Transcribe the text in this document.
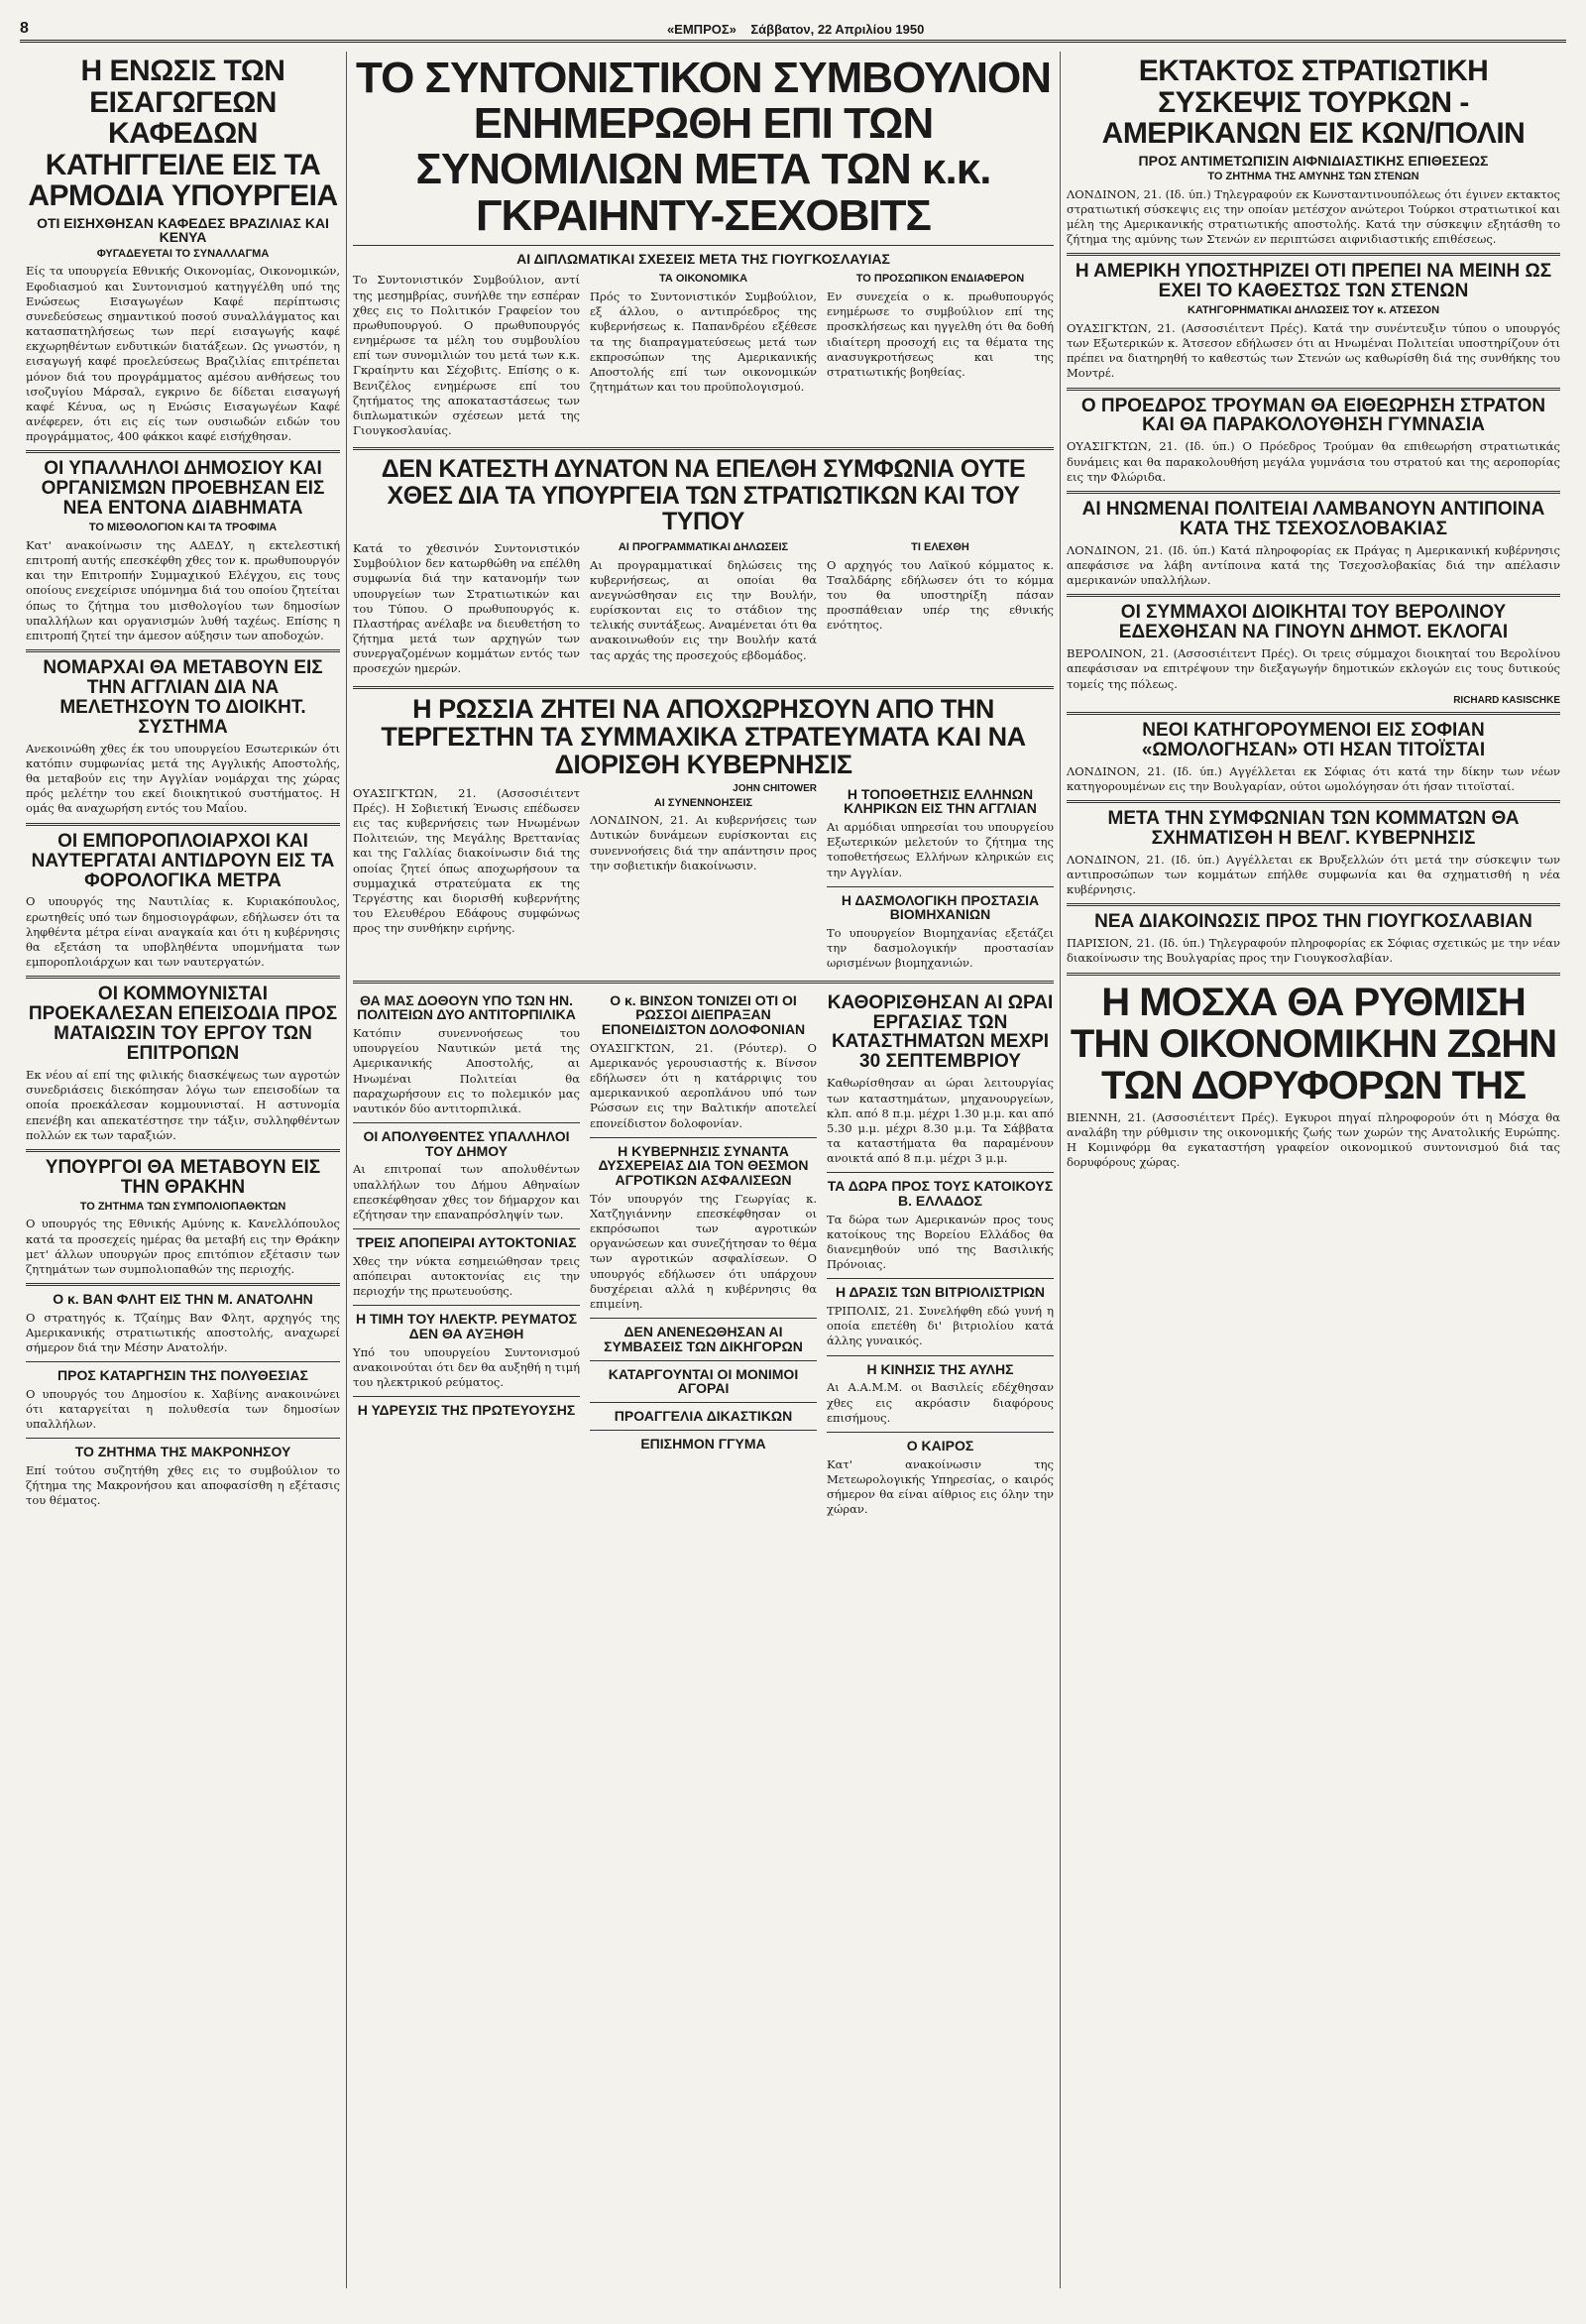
8	«ΕΜΠΡΟΣ» Σάββατον, 22 Απριλίου 1950

Η ΕΝΩΣΙΣ ΤΩΝ ΕΙΣΑΓΩΓΕΩΝ ΚΑΦΕΔΩΝ ΚΑΤΗΓΓΕΙΛΕ ΕΙΣ ΤΑ ΑΡΜΟΔΙΑ ΥΠΟΥΡΓΕΙΑ
ΟΤΙ ΕΙΣΗΧΘΗΣΑΝ ΚΑΦΕΔΕΣ ΒΡΑΖΙΛΙΑΣ ΚΑΙ ΚΕΝΥΑ
ΦΥΓΑΔΕΥΕΤΑΙ ΤΟ ΣΥΝΑΛΛΑΓΜΑ
Είς τα υπουργεία Εθνικής Οικονομίας, Οικονομικών, Εφοδιασμού και Συντονισμού κατηγγέλθη υπό της Ενώσεως Εισαγωγέων Καφέ περίπτωσις συνεδεύσεως σημαντικού ποσού συναλλάγματος και κατασπατηλήσεως των περί εισαγωγής καφέ εκχωρηθέντων ενδυτικών διατάξεων. Ως γνωστόν, η εισαγωγή καφέ προελεύσεως Βραζιλίας επιτρέπεται μόνον διά του προγράμματος αμέσου ανθήσεως του ισοζυγίου Μάρσαλ, εγκρινο δε δίδεται εισαγωγή καφέ Κένυα, ως η Ενώσις Εισαγωγέων Καφέ ανέφερεν, ότι εις είς των ουσιωδών ειδών του προγράμματος, 400 φάκκοι καφέ εισήχθησαν.
ΟΙ ΥΠΑΛΛΗΛΟΙ ΔΗΜΟΣΙΟΥ ΚΑΙ ΟΡΓΑΝΙΣΜΩΝ ΠΡΟΕΒΗΣΑΝ ΕΙΣ ΝΕΑ ΕΝΤΟΝΑ ΔΙΑΒΗΜΑΤΑ
ΤΟ ΜΙΣΘΟΛΟΓΙΟΝ ΚΑΙ ΤΑ ΤΡΟΦΙΜΑ
Κατ' ανακοίνωσιν της ΑΔΕΔΥ, η εκτελεστική επιτροπή αυτής επεσκέφθη χθες τον κ. πρωθυπουργόν και την Επιτροπήν Συμμαχικού Ελέγχου, εις τους οποίους ενεχείρισε υπόμνημα διά του οποίου ζητείται όπως το ζήτημα του μισθολογίου των δημοσίων υπαλλήλων και οργανισμών λυθή ταχέως. Επίσης η επιτροπή ζητεί την άμεσον αύξησιν των αποδοχών.
ΝΟΜΑΡΧΑΙ ΘΑ ΜΕΤΑΒΟΥΝ ΕΙΣ ΤΗΝ ΑΓΓΛΙΑΝ ΔΙΑ ΝΑ ΜΕΛΕΤΗΣΟΥΝ ΤΟ ΔΙΟΙΚΗΤ. ΣΥΣΤΗΜΑ
Ανεκοινώθη χθες έκ του υπουργείου Εσωτερικών ότι κατόπιν συμφωνίας μετά της Αγγλικής Αποστολής, θα μεταβούν εις την Αγγλίαν νομάρχαι της χώρας πρός μελέτην του εκεί διοικητικού συστήματος. Η ομάς θα αναχωρήση εντός του Μαΐου.
ΟΙ ΕΜΠΟΡΟΠΛΟΙΑΡΧΟΙ ΚΑΙ ΝΑΥΤΕΡΓΑΤΑΙ ΑΝΤΙΔΡΟΥΝ ΕΙΣ ΤΑ ΦΟΡΟΛΟΓΙΚΑ ΜΕΤΡΑ
Ο υπουργός της Ναυτιλίας κ. Κυριακόπουλος, ερωτηθείς υπό των δημοσιογράφων, εδήλωσεν ότι τα ληφθέντα μέτρα είναι αναγκαία και ότι η κυβέρνησις θα εξετάση τα υποβληθέντα υπομνήματα των εμποροπλοιάρχων και των ναυτεργατών.
ΟΙ ΚΟΜΜΟΥΝΙΣΤΑΙ ΠΡΟΕΚΑΛΕΣΑΝ ΕΠΕΙΣΟΔΙΑ ΠΡΟΣ ΜΑΤΑΙΩΣΙΝ ΤΟΥ ΕΡΓΟΥ ΤΩΝ ΕΠΙΤΡΟΠΩΝ
Εκ νέου αί επί της φιλικής διασκέψεως των αγροτών συνεδριάσεις διεκόπησαν λόγω των επεισοδίων τα οποία προεκάλεσαν κομμουνισταί. Η αστυνομία επενέβη και απεκατέστησε την τάξιν, συλληφθέντων πολλών εκ των ταραξιών.
ΥΠΟΥΡΓΟΙ ΘΑ ΜΕΤΑΒΟΥΝ ΕΙΣ ΤΗΝ ΘΡΑΚΗΝ
ΤΟ ΖΗΤΗΜΑ ΤΩΝ ΣΥΜΠΟΛΙΟΠΑΘΚΤΩΝ
Ο υπουργός της Εθνικής Αμύνης κ. Κανελλόπουλος κατά τα προσεχείς ημέρας θα μεταβή εις την Θράκην μετ' άλλων υπουργών προς επιτόπιον εξέτασιν των ζητημάτων των συμπολιοπαθών της περιοχής.
Ο κ. ΒΑΝ ΦΛΗΤ ΕΙΣ ΤΗΝ Μ. ΑΝΑΤΟΛΗΝ
Ο στρατηγός κ. Τζαίημς Βαν Φλητ, αρχηγός της Αμερικανικής στρατιωτικής αποστολής, αναχωρεί σήμερον διά την Μέσην Ανατολήν.
ΠΡΟΣ ΚΑΤΑΡΓΗΣΙΝ ΤΗΣ ΠΟΛΥΘΕΣΙΑΣ
Ο υπουργός του Δημοσίου κ. Χαβίνης ανακοινώνει ότι καταργείται η πολυθεσία των δημοσίων υπαλλήλων.
ΤΟ ΖΗΤΗΜΑ ΤΗΣ ΜΑΚΡΟΝΗΣΟΥ
Επί τούτου συζητήθη χθες εις το συμβούλιον το ζήτημα της Μακρονήσου και αποφασίσθη η εξέτασις του θέματος.
ΤΟ ΣΥΝΤΟΝΙΣΤΙΚΟΝ ΣΥΜΒΟΥΛΙΟΝ ΕΝΗΜΕΡΩΘΗ ΕΠΙ ΤΩΝ ΣΥΝΟΜΙΛΙΩΝ ΜΕΤΑ ΤΩΝ κ.κ. ΓΚΡΑΙΗΝΤΥ-ΣΕΧΟΒΙΤΣ
ΑΙ ΔΙΠΛΩΜΑΤΙΚΑΙ ΣΧΕΣΕΙΣ ΜΕΤΑ ΤΗΣ ΓΙΟΥΓΚΟΣΛΑΥΙΑΣ
Το Συντονιστικόν Συμβούλιον, αντί της μεσημβρίας, συνήλθε την εσπέραν χθες εις το Πολιτικόν Γραφείον του πρωθυπουργού. Ο πρωθυπουργός ενημέρωσε τα μέλη του συμβουλίου επί των συνομιλιών του μετά των κ.κ. Γκραίηντυ και Σέχοβιτς. Επίσης ο κ. Βενιζέλος ενημέρωσε επί του ζητήματος της αποκαταστάσεως των διπλωματικών σχέσεων μετά της Γιουγκοσλαυίας.
ΤΑ ΟΙΚΟΝΟΜΙΚΑ
Πρός το Συντονιστικόν Συμβούλιον, εξ άλλου, ο αντιπρόεδρος της κυβερνήσεως κ. Παπανδρέου εξέθεσε τα της διαπραγματεύσεως μετά των εκπροσώπων της Αμερικανικής Αποστολής επί των οικονομικών ζητημάτων και του προϋπολογισμού.
ΤΟ ΠΡΟΣΩΠΙΚΟΝ ΕΝΔΙΑΦΕΡΟΝ
Εν συνεχεία ο κ. πρωθυπουργός ενημέρωσε το συμβούλιον επί της προσκλήσεως και ηγγελθη ότι θα δοθή ιδιαίτερη προσοχή εις τα θέματα της ανασυγκροτήσεως και της στρατιωτικής βοηθείας.
ΔΕΝ ΚΑΤΕΣΤΗ ΔΥΝΑΤΟΝ ΝΑ ΕΠΕΛΘΗ ΣΥΜΦΩΝΙΑ ΟΥΤΕ ΧΘΕΣ ΔΙΑ ΤΑ ΥΠΟΥΡΓΕΙΑ ΤΩΝ ΣΤΡΑΤΙΩΤΙΚΩΝ ΚΑΙ ΤΟΥ ΤΥΠΟΥ
Κατά το χθεσινόν Συντονιστικόν Συμβούλιον δεν κατωρθώθη να επέλθη συμφωνία διά την κατανομήν των υπουργείων των Στρατιωτικών και του Τύπου. Ο πρωθυπουργός κ. Πλαστήρας ανέλαβε να διευθετήση το ζήτημα μετά των αρχηγών των συνεργαζομένων κομμάτων εντός των προσεχών ημερών.
ΑΙ ΠΡΟΓΡΑΜΜΑΤΙΚΑΙ ΔΗΛΩΣΕΙΣ
Αι προγραμματικαί δηλώσεις της κυβερνήσεως, αι οποίαι θα ανεγνώσθησαν εις την Βουλήν, ευρίσκονται εις το στάδιον της τελικής συντάξεως. Αναμένεται ότι θα ανακοινωθούν εις την Βουλήν κατά τας αρχάς της προσεχούς εβδομάδος.
ΤΙ ΕΛΕΧΘΗ
Ο αρχηγός του Λαϊκού κόμματος κ. Τσαλδάρης εδήλωσεν ότι το κόμμα του θα υποστηρίξη πάσαν προσπάθειαν υπέρ της εθνικής ενότητος.
Η ΡΩΣΣΙΑ ΖΗΤΕΙ ΝΑ ΑΠΟΧΩΡΗΣΟΥΝ ΑΠΟ ΤΗΝ ΤΕΡΓΕΣΤΗΝ ΤΑ ΣΥΜΜΑΧΙΚΑ ΣΤΡΑΤΕΥΜΑΤΑ ΚΑΙ ΝΑ ΔΙΟΡΙΣΘΗ ΚΥΒΕΡΝΗΣΙΣ
ΟΥΑΣΙΓΚΤΩΝ, 21. (Ασσοσιέιτεντ Πρές). Η Σοβιετική Ένωσις επέδωσεν εις τας κυβερνήσεις των Ηνωμένων Πολιτειών, της Μεγάλης Βρεττανίας και της Γαλλίας διακοίνωσιν διά της οποίας ζητεί όπως αποχωρήσουν τα συμμαχικά στρατεύματα εκ της Τεργέστης και διορισθή κυβερνήτης του Ελευθέρου Εδάφους συμφώνως προς την συνθήκην ειρήνης.
JOHN CHITOWER
ΑΙ ΣΥΝΕΝΝΟΗΣΕΙΣ
ΛΟΝΔΙΝΟΝ, 21. Αι κυβερνήσεις των Δυτικών δυνάμεων ευρίσκονται εις συνεννοήσεις διά την απάντησιν προς την σοβιετικήν διακοίνωσιν.
Η ΤΟΠΟΘΕΤΗΣΙΣ ΕΛΛΗΝΩΝ ΚΛΗΡΙΚΩΝ ΕΙΣ ΤΗΝ ΑΓΓΛΙΑΝ
Αι αρμόδιαι υπηρεσίαι του υπουργείου Εξωτερικών μελετούν το ζήτημα της τοποθετήσεως Ελλήνων κληρικών εις την Αγγλίαν.
Η ΔΑΣΜΟΛΟΓΙΚΗ ΠΡΟΣΤΑΣΙΑ ΒΙΟΜΗΧΑΝΙΩΝ
Το υπουργείον Βιομηχανίας εξετάζει την δασμολογικήν προστασίαν ωρισμένων βιομηχανιών.
ΘΑ ΜΑΣ ΔΟΘΟΥΝ ΥΠΟ ΤΩΝ ΗΝ. ΠΟΛΙΤΕΙΩΝ ΔΥΟ ΑΝΤΙΤΟΡΠΙΛΙΚΑ
Κατόπιν συνεννοήσεως του υπουργείου Ναυτικών μετά της Αμερικανικής Αποστολής, αι Ηνωμέναι Πολιτείαι θα παραχωρήσουν εις το πολεμικόν μας ναυτικόν δύο αντιτορπιλικά.
ΟΙ ΑΠΟΛΥΘΕΝΤΕΣ ΥΠΑΛΛΗΛΟΙ ΤΟΥ ΔΗΜΟΥ
Αι επιτροπαί των απολυθέντων υπαλλήλων του Δήμου Αθηναίων επεσκέφθησαν χθες τον δήμαρχον και εζήτησαν την επαναπρόσληψίν των.
ΤΡΕΙΣ ΑΠΟΠΕΙΡΑΙ ΑΥΤΟΚΤΟΝΙΑΣ
Χθες την νύκτα εσημειώθησαν τρεις απόπειραι αυτοκτονίας εις την περιοχήν της πρωτευούσης.
Η ΤΙΜΗ ΤΟΥ ΗΛΕΚΤΡ. ΡΕΥΜΑΤΟΣ ΔΕΝ ΘΑ ΑΥΞΗΘΗ
Υπό του υπουργείου Συντονισμού ανακοινούται ότι δεν θα αυξηθή η τιμή του ηλεκτρικού ρεύματος.
Η ΥΔΡΕΥΣΙΣ ΤΗΣ ΠΡΩΤΕΥΟΥΣΗΣ
Ο κ. ΒΙΝΣΟΝ ΤΟΝΙΖΕΙ ΟΤΙ ΟΙ ΡΩΣΣΟΙ ΔΙΕΠΡΑΞΑΝ ΕΠΟΝΕΙΔΙΣΤΟΝ ΔΟΛΟΦΟΝΙΑΝ
ΟΥΑΣΙΓΚΤΩΝ, 21. (Ρόυτερ). Ο Αμερικανός γερουσιαστής κ. Βίνσον εδήλωσεν ότι η κατάρριψις του αμερικανικού αεροπλάνου υπό των Ρώσσων εις την Βαλτικήν αποτελεί επονείδιστον δολοφονίαν.
Η ΚΥΒΕΡΝΗΣΙΣ ΣΥΝΑΝΤΑ ΔΥΣΧΕΡΕΙΑΣ ΔΙΑ ΤΟΝ ΘΕΣΜΟΝ ΑΓΡΟΤΙΚΩΝ ΑΣΦΑΛΙΣΕΩΝ
Τόν υπουργόν της Γεωργίας κ. Χατζηγιάννην επεσκέφθησαν οι εκπρόσωποι των αγροτικών οργανώσεων και συνεζήτησαν το θέμα των αγροτικών ασφαλίσεων. Ο υπουργός εδήλωσεν ότι υπάρχουν δυσχέρειαι αλλά η κυβέρνησις θα επιμείνη.
ΔΕΝ ΑΝΕΝΕΩΘΗΣΑΝ ΑΙ ΣΥΜΒΑΣΕΙΣ ΤΩΝ ΔΙΚΗΓΟΡΩΝ
ΚΑΤΑΡΓΟΥΝΤΑΙ ΟΙ ΜΟΝΙΜΟΙ ΑΓΟΡΑΙ
ΠΡΟΑΓΓΕΛΙΑ ΔΙΚΑΣΤΙΚΩΝ
ΕΠΙΣΗΜΟΝ ΓΓΥΜΑ
ΚΑΘΟΡΙΣΘΗΣΑΝ ΑΙ ΩΡΑΙ ΕΡΓΑΣΙΑΣ ΤΩΝ ΚΑΤΑΣΤΗΜΑΤΩΝ ΜΕΧΡΙ 30 ΣΕΠΤΕΜΒΡΙΟΥ
Καθωρίσθησαν αι ώραι λειτουργίας των καταστημάτων, μηχανουργείων, κλπ. από 8 π.μ. μέχρι 1.30 μ.μ. και από 5.30 μ.μ. μέχρι 8.30 μ.μ. Τα Σάββατα τα καταστήματα θα παραμένουν ανοικτά από 8 π.μ. μέχρι 3 μ.μ.
ΤΑ ΔΩΡΑ ΠΡΟΣ ΤΟΥΣ ΚΑΤΟΙΚΟΥΣ Β. ΕΛΛΑΔΟΣ
Τα δώρα των Αμερικανών προς τους κατοίκους της Βορείου Ελλάδος θα διανεμηθούν υπό της Βασιλικής Πρόνοιας.
Η ΔΡΑΣΙΣ ΤΩΝ ΒΙΤΡΙΟΛΙΣΤΡΙΩΝ
ΤΡΙΠΟΛΙΣ, 21. Συνελήφθη εδώ γυνή η οποία επετέθη δι' βιτριολίου κατά άλλης γυναικός.
Η ΚΙΝΗΣΙΣ ΤΗΣ ΑΥΛΗΣ
Αι Α.Α.Μ.Μ. οι Βασιλείς εδέχθησαν χθες εις ακρόασιν διαφόρους επισήμους.
Ο ΚΑΙΡΟΣ
Κατ' ανακοίνωσιν της Μετεωρολογικής Υπηρεσίας, ο καιρός σήμερον θα είναι αίθριος εις όλην την χώραν.
ΕΚΤΑΚΤΟΣ ΣΤΡΑΤΙΩΤΙΚΗ ΣΥΣΚΕΨΙΣ ΤΟΥΡΚΩΝ - ΑΜΕΡΙΚΑΝΩΝ ΕΙΣ ΚΩΝ/ΠΟΛΙΝ
ΠΡΟΣ ΑΝΤΙΜΕΤΩΠΙΣΙΝ ΑΙΦΝΙΔΙΑΣΤΙΚΗΣ ΕΠΙΘΕΣΕΩΣ
ΤΟ ΖΗΤΗΜΑ ΤΗΣ ΑΜΥΝΗΣ ΤΩΝ ΣΤΕΝΩΝ
ΛΟΝΔΙΝΟΝ, 21. (Ιδ. ύπ.) Τηλεγραφούν εκ Κωνσταντινουπόλεως ότι έγινεν εκτακτος στρατιωτική σύσκεψις εις την οποίαν μετέσχον ανώτεροι Τούρκοι στρατιωτικοί και μέλη της Αμερικανικής στρατιωτικής αποστολής. Κατά την σύσκεψιν εξητάσθη το ζήτημα της αμύνης των Στενών εν περιπτώσει αιφνιδιαστικής επιθέσεως.
Η ΑΜΕΡΙΚΗ ΥΠΟΣΤΗΡΙΖΕΙ ΟΤΙ ΠΡΕΠΕΙ ΝΑ ΜΕΙΝΗ ΩΣ ΕΧΕΙ ΤΟ ΚΑΘΕΣΤΩΣ ΤΩΝ ΣΤΕΝΩΝ
ΚΑΤΗΓΟΡΗΜΑΤΙΚΑΙ ΔΗΛΩΣΕΙΣ ΤΟΥ κ. ΑΤΣΕΣΟΝ
ΟΥΑΣΙΓΚΤΩΝ, 21. (Ασσοσιέιτεντ Πρές). Κατά την συνέντευξιν τύπου ο υπουργός των Εξωτερικών κ. Άτσεσον εδήλωσεν ότι αι Ηνωμέναι Πολιτείαι υποστηρίζουν ότι πρέπει να διατηρηθή το καθεστώς των Στενών ως καθωρίσθη διά της συνθήκης του Μοντρέ.
Ο ΠΡΟΕΔΡΟΣ ΤΡΟΥΜΑΝ ΘΑ ΕΙΘΕΩΡΗΣΗ ΣΤΡΑΤΟΝ ΚΑΙ ΘΑ ΠΑΡΑΚΟΛΟΥΘΗΣΗ ΓΥΜΝΑΣΙΑ
ΟΥΑΣΙΓΚΤΩΝ, 21. (Ιδ. ύπ.) Ο Πρόεδρος Τρούμαν θα επιθεωρήση στρατιωτικάς δυνάμεις και θα παρακολουθήση μεγάλα γυμνάσια του στρατού και της αεροπορίας εις την Φλώριδα.
ΑΙ ΗΝΩΜΕΝΑΙ ΠΟΛΙΤΕΙΑΙ ΛΑΜΒΑΝΟΥΝ ΑΝΤΙΠΟΙΝΑ ΚΑΤΑ ΤΗΣ ΤΣΕΧΟΣΛΟΒΑΚΙΑΣ
ΛΟΝΔΙΝΟΝ, 21. (Ιδ. ύπ.) Κατά πληροφορίας εκ Πράγας η Αμερικανική κυβέρνησις απεφάσισε να λάβη αντίποινα κατά της Τσεχοσλοβακίας διά την απέλασιν αμερικανών υπαλλήλων.
ΟΙ ΣΥΜΜΑΧΟΙ ΔΙΟΙΚΗΤΑΙ ΤΟΥ ΒΕΡΟΛΙΝΟΥ ΕΔΕΧΘΗΣΑΝ ΝΑ ΓΙΝΟΥΝ ΔΗΜΟΤ. ΕΚΛΟΓΑΙ
ΒΕΡΟΛΙΝΟΝ, 21. (Ασσοσιέιτεντ Πρές). Οι τρεις σύμμαχοι διοικηταί του Βερολίνου απεφάσισαν να επιτρέψουν την διεξαγωγήν δημοτικών εκλογών εις τους δυτικούς τομείς της πόλεως.
RICHARD KASISCHKE
ΝΕΟΙ ΚΑΤΗΓΟΡΟΥΜΕΝΟΙ ΕΙΣ ΣΟΦΙΑΝ «ΩΜΟΛΟΓΗΣΑΝ» ΟΤΙ ΗΣΑΝ ΤΙΤΟΪΣΤΑΙ
ΛΟΝΔΙΝΟΝ, 21. (Ιδ. ύπ.) Αγγέλλεται εκ Σόφιας ότι κατά την δίκην των νέων κατηγορουμένων εις την Βουλγαρίαν, ούτοι ωμολόγησαν ότι ήσαν τιτοϊσταί.
ΜΕΤΑ ΤΗΝ ΣΥΜΦΩΝΙΑΝ ΤΩΝ ΚΟΜΜΑΤΩΝ ΘΑ ΣΧΗΜΑΤΙΣΘΗ Η ΒΕΛΓ. ΚΥΒΕΡΝΗΣΙΣ
ΛΟΝΔΙΝΟΝ, 21. (Ιδ. ύπ.) Αγγέλλεται εκ Βρυξελλών ότι μετά την σύσκεψιν των αντιπροσώπων των κομμάτων επήλθε συμφωνία και θα σχηματισθή η νέα κυβέρνησις.
ΝΕΑ ΔΙΑΚΟΙΝΩΣΙΣ ΠΡΟΣ ΤΗΝ ΓΙΟΥΓΚΟΣΛΑΒΙΑΝ
ΠΑΡΙΣΙΟΝ, 21. (Ιδ. ύπ.) Τηλεγραφούν πληροφορίας εκ Σόφιας σχετικώς με την νέαν διακοίνωσιν της Βουλγαρίας προς την Γιουγκοσλαβίαν.
Η ΜΟΣΧΑ ΘΑ ΡΥΘΜΙΣΗ ΤΗΝ ΟΙΚΟΝΟΜΙΚΗΝ ΖΩΗΝ ΤΩΝ ΔΟΡΥΦΟΡΩΝ ΤΗΣ
ΒΙΕΝΝΗ, 21. (Ασσοσιέιτεντ Πρές). Εγκυροι πηγαί πληροφορούν ότι η Μόσχα θα αναλάβη την ρύθμισιν της οικονομικής ζωής των χωρών της Ανατολικής Ευρώπης. Η Κομινφόρμ θα εγκαταστήση γραφείον οικονομικού συντονισμού διά τας δορυφόρους χώρας.
